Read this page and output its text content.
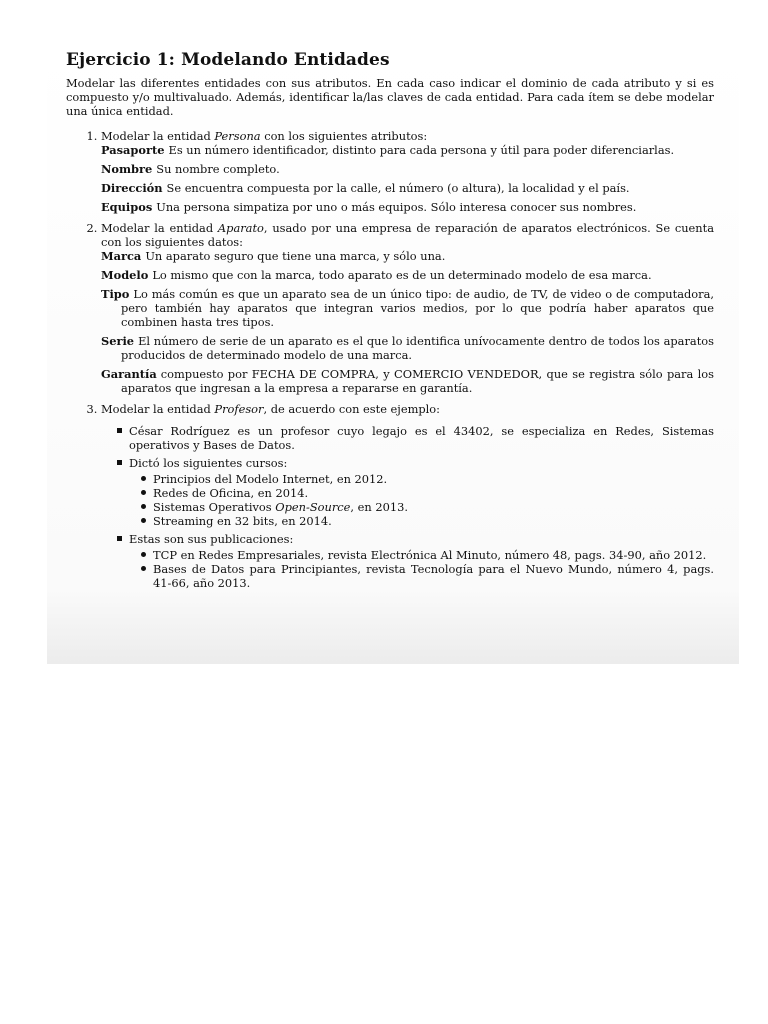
Ejercicio 1: Modelando Entidades

Modelar las diferentes entidades con sus atributos. En cada caso indicar el dominio de cada atributo y si es compuesto y/o multivaluado. Además, identificar la/las claves de cada entidad. Para cada ítem se debe modelar una única entidad.

1. Modelar la entidad Persona con los siguientes atributos:
Pasaporte Es un número identificador, distinto para cada persona y útil para poder diferenciarlas.
Nombre Su nombre completo.
Dirección Se encuentra compuesta por la calle, el número (o altura), la localidad y el país.
Equipos Una persona simpatiza por uno o más equipos. Sólo interesa conocer sus nombres.
2. Modelar la entidad Aparato, usado por una empresa de reparación de aparatos electrónicos. Se cuenta con los siguientes datos:
Marca Un aparato seguro que tiene una marca, y sólo una.
Modelo Lo mismo que con la marca, todo aparato es de un determinado modelo de esa marca.
Tipo Lo más común es que un aparato sea de un único tipo: de audio, de TV, de video o de computadora, pero también hay aparatos que integran varios medios, por lo que podría haber aparatos que combinen hasta tres tipos.
Serie El número de serie de un aparato es el que lo identifica unívocamente dentro de todos los aparatos producidos de determinado modelo de una marca.
Garantía compuesto por FECHA DE COMPRA, y COMERCIO VENDEDOR, que se registra sólo para los aparatos que ingresan a la empresa a repararse en garantía.
3. Modelar la entidad Profesor, de acuerdo con este ejemplo:
César Rodríguez es un profesor cuyo legajo es el 43402, se especializa en Redes, Sistemas operativos y Bases de Datos.
Dictó los siguientes cursos:
Principios del Modelo Internet, en 2012.
Redes de Oficina, en 2014.
Sistemas Operativos Open-Source, en 2013.
Streaming en 32 bits, en 2014.
Estas son sus publicaciones:
TCP en Redes Empresariales, revista Electrónica Al Minuto, número 48, pags. 34-90, año 2012.
Bases de Datos para Principiantes, revista Tecnología para el Nuevo Mundo, número 4, pags. 41-66, año 2013.
